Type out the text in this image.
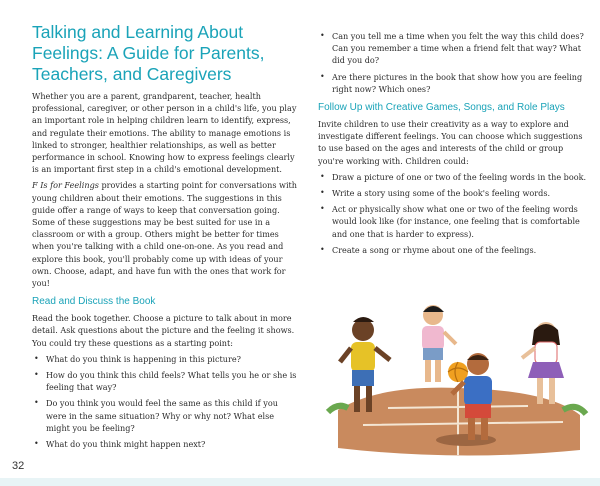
Talking and Learning About Feelings: A Guide for Parents, Teachers, and Caregivers

Whether you are a parent, grandparent, teacher, health professional, caregiver, or other person in a child's life, you play an important role in helping children learn to identify, express, and regulate their emotions. The ability to manage emotions is linked to stronger, healthier relationships, as well as better performance in school. Knowing how to express feelings clearly is an important first step in a child's emotional development.

F Is for Feelings provides a starting point for conversations with young children about their emotions. The suggestions in this guide offer a range of ways to keep that conversation going. Some of these suggestions may be best suited for use in a classroom or with a group. Others might be better for times when you're talking with a child one-on-one. As you read and explore this book, you'll probably come up with ideas of your own. Choose, adapt, and have fun with the ones that work for you!

Read and Discuss the Book

Read the book together. Choose a picture to talk about in more detail. Ask questions about the picture and the feeling it shows. You could try these questions as a starting point:

• What do you think is happening in this picture?
• How do you think this child feels? What tells you he or she is feeling that way?
• Do you think you would feel the same as this child if you were in the same situation? Why or why not? What else might you be feeling?
• What do you think might happen next?
• Can you tell me a time when you felt the way this child does? Can you remember a time when a friend felt that way? What did you do?
• Are there pictures in the book that show how you are feeling right now? Which ones?
Follow Up with Creative Games, Songs, and Role Plays

Invite children to use their creativity as a way to explore and investigate different feelings. You can choose which suggestions to use based on the ages and interests of the child or group you're working with. Children could:

• Draw a picture of one or two of the feeling words in the book.
• Write a story using some of the book's feeling words.
• Act or physically show what one or two of the feeling words would look like (for instance, one feeling that is comfortable and one that is harder to express).
• Create a song or rhyme about one of the feelings.
32
